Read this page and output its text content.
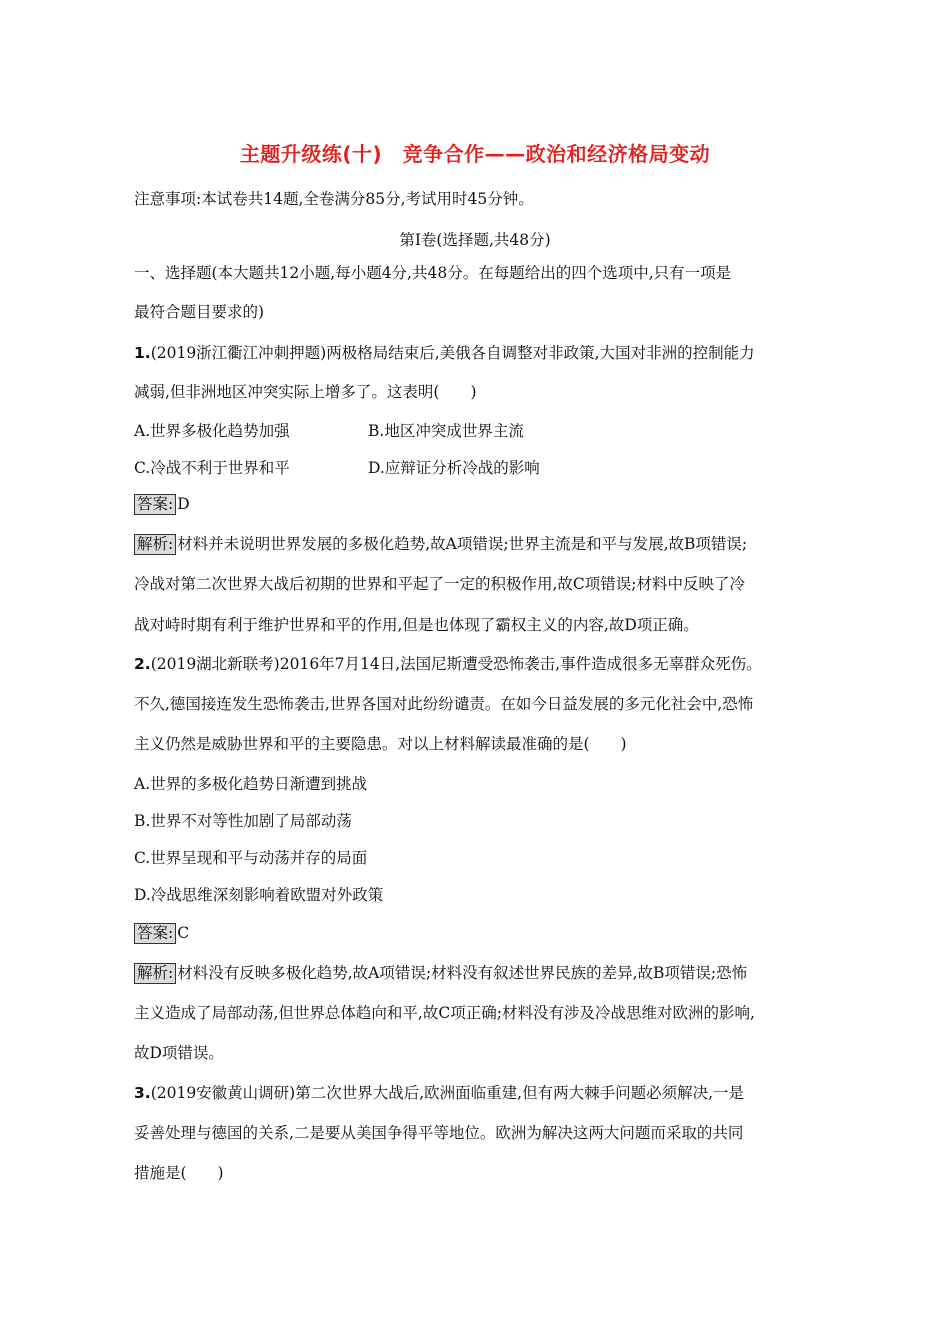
主题升级练(十)　竞争合作——政治和经济格局变动
注意事项:本试卷共14题,全卷满分85分,考试用时45分钟。
第Ⅰ卷(选择题,共48分)
一、选择题(本大题共12小题,每小题4分,共48分。在每题给出的四个选项中,只有一项是
最符合题目要求的)
1.(2019浙江衢江冲刺押题)两极格局结束后,美俄各自调整对非政策,大国对非洲的控制能力
减弱,但非洲地区冲突实际上增多了。这表明(　　)
A.世界多极化趋势加强	B.地区冲突成世界主流
C.冷战不利于世界和平	D.应辩证分析冷战的影响
答案: D
解析: 材料并未说明世界发展的多极化趋势,故A项错误;世界主流是和平与发展,故B项错误;
冷战对第二次世界大战后初期的世界和平起了一定的积极作用,故C项错误;材料中反映了冷
战对峙时期有利于维护世界和平的作用,但是也体现了霸权主义的内容,故D项正确。
2.(2019湖北新联考)2016年7月14日,法国尼斯遭受恐怖袭击,事件造成很多无辜群众死伤。
不久,德国接连发生恐怖袭击,世界各国对此纷纷谴责。在如今日益发展的多元化社会中,恐怖
主义仍然是威胁世界和平的主要隐患。对以上材料解读最准确的是(　　)
A.世界的多极化趋势日渐遭到挑战
B.世界不对等性加剧了局部动荡
C.世界呈现和平与动荡并存的局面
D.冷战思维深刻影响着欧盟对外政策
答案: C
解析: 材料没有反映多极化趋势,故A项错误;材料没有叙述世界民族的差异,故B项错误;恐怖
主义造成了局部动荡,但世界总体趋向和平,故C项正确;材料没有涉及冷战思维对欧洲的影响,
故D项错误。
3.(2019安徽黄山调研)第二次世界大战后,欧洲面临重建,但有两大棘手问题必须解决,一是
妥善处理与德国的关系,二是要从美国争得平等地位。欧洲为解决这两大问题而采取的共同
措施是(　　)
